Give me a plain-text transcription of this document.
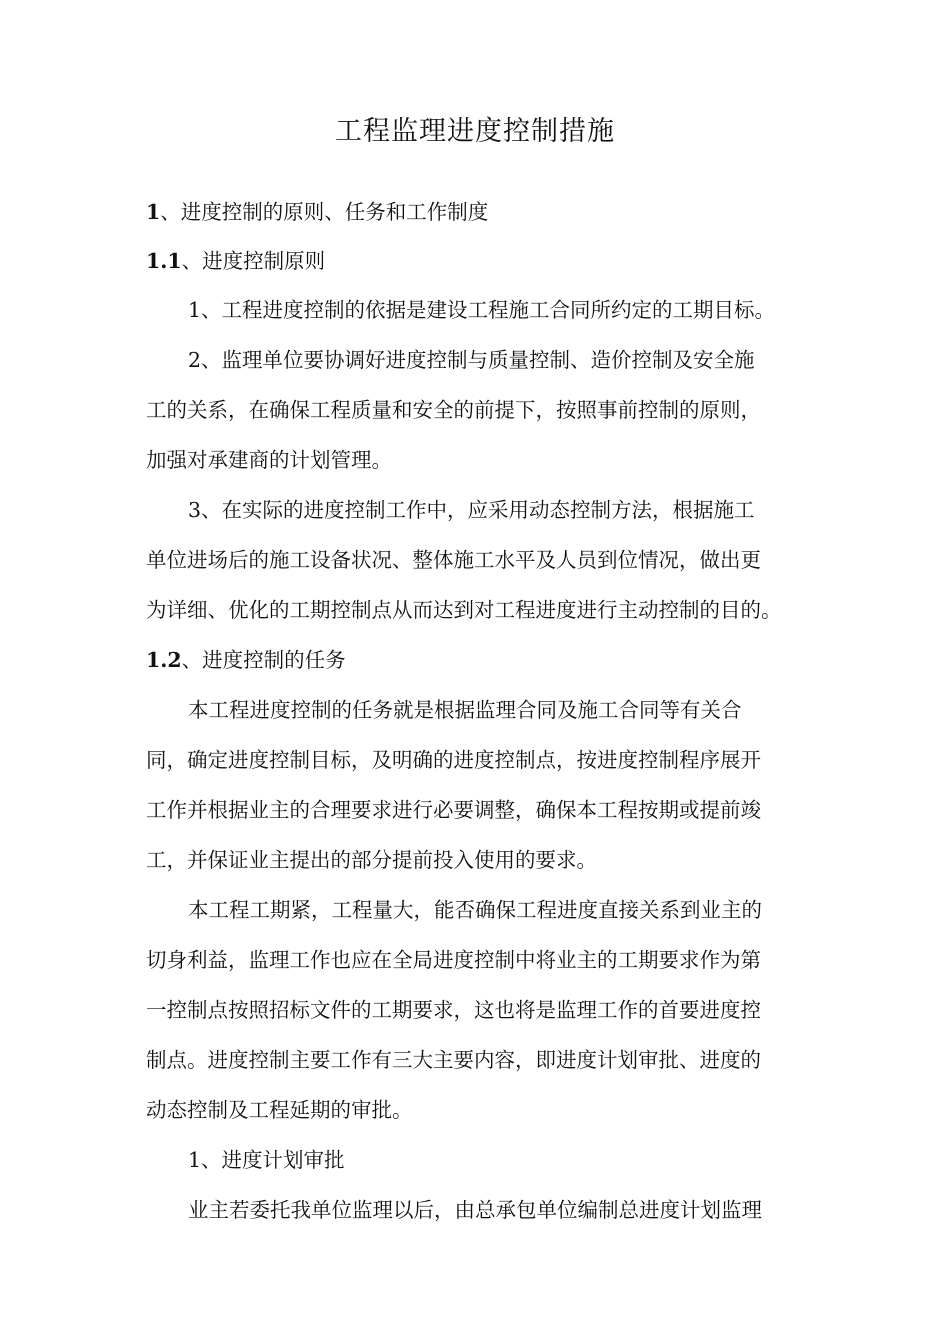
工程监理进度控制措施
1、进度控制的原则、任务和工作制度
1.1、进度控制原则
1、工程进度控制的依据是建设工程施工合同所约定的工期目标。
2、监理单位要协调好进度控制与质量控制、造价控制及安全施
工的关系，在确保工程质量和安全的前提下，按照事前控制的原则，
加强对承建商的计划管理。
3、在实际的进度控制工作中，应采用动态控制方法，根据施工
单位进场后的施工设备状况、整体施工水平及人员到位情况，做出更
为详细、优化的工期控制点从而达到对工程进度进行主动控制的目的。
1.2、进度控制的任务
本工程进度控制的任务就是根据监理合同及施工合同等有关合
同，确定进度控制目标，及明确的进度控制点，按进度控制程序展开
工作并根据业主的合理要求进行必要调整，确保本工程按期或提前竣
工，并保证业主提出的部分提前投入使用的要求。
本工程工期紧，工程量大，能否确保工程进度直接关系到业主的
切身利益，监理工作也应在全局进度控制中将业主的工期要求作为第
一控制点按照招标文件的工期要求，这也将是监理工作的首要进度控
制点。进度控制主要工作有三大主要内容，即进度计划审批、进度的
动态控制及工程延期的审批。
1、进度计划审批
业主若委托我单位监理以后，由总承包单位编制总进度计划监理
